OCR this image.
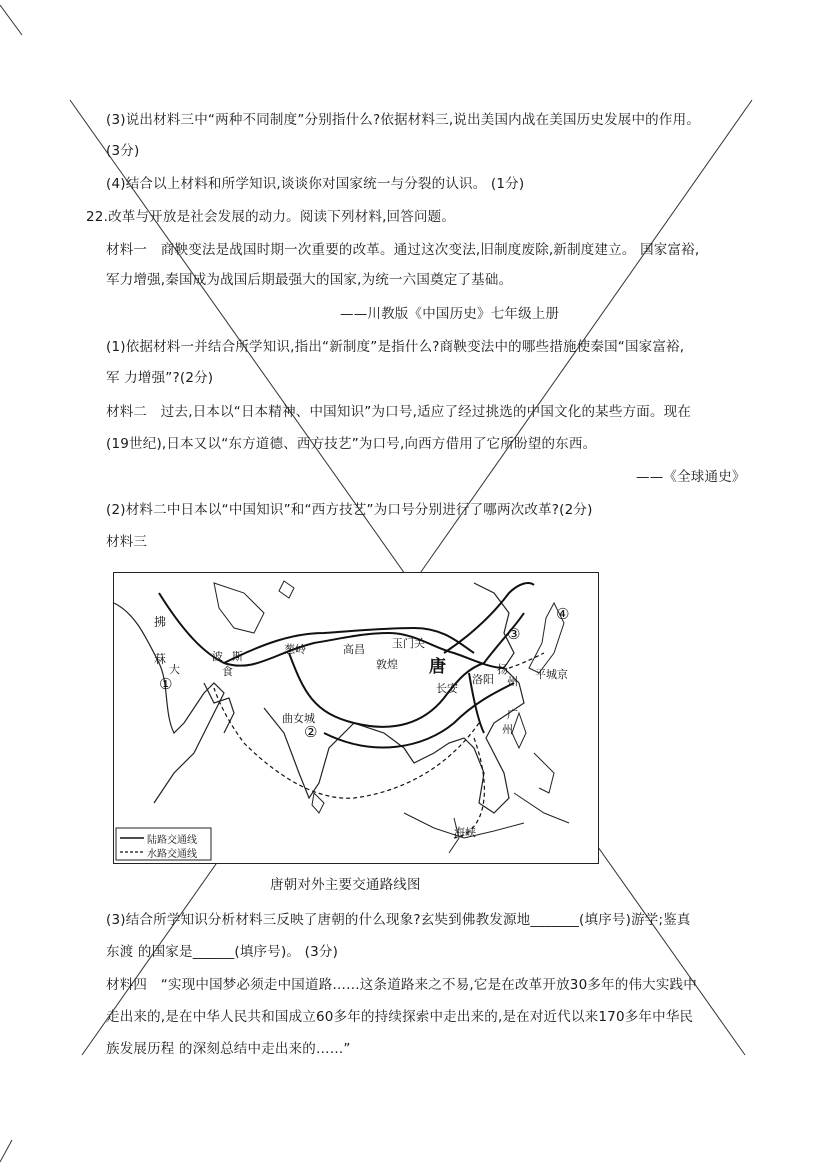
(3)说出材料三中“两种不同制度”分别指什么?依据材料三,说出美国内战在美国历史发展中的作用。
(3分)
(4)结合以上材料和所学知识,谈谈你对国家统一与分裂的认识。 (1分)
22.改革与开放是社会发展的动力。阅读下列材料,回答问题。
材料一　商鞅变法是战国时期一次重要的改革。通过这次变法,旧制度废除,新制度建立。 国家富裕,
军力增强,秦国成为战国后期最强大的国家,为统一六国奠定了基础。
——川教版《中国历史》七年级上册
(1)依据材料一并结合所学知识,指出“新制度”是指什么?商鞅变法中的哪些措施使秦国“国家富裕,
军 力增强”?(2分)
材料二　过去,日本以“日本精神、中国知识”为口号,适应了经过挑选的中国文化的某些方面。现在
(19世纪),日本又以“东方道德、西方技艺”为口号,向西方借用了它所盼望的东西。
——《全球通史》
(2)材料二中日本以“中国知识”和“西方技艺”为口号分别进行了哪两次改革?(2分)
材料三
拂
菻
大
波 斯
食
葱岭	高昌 玉门关
敦煌 唐
长安
洛阳
扬
州
平城京
曲女城	广
州
海峡
①
②
③
④
陆路交通线
水路交通线
唐朝对外主要交通路线图
(3)结合所学知识分析材料三反映了唐朝的什么现象?玄奘到佛教发源地_______(填序号)游学;鉴真
东渡 的国家是______(填序号)。 (3分)
材料四　“实现中国梦必须走中国道路……这条道路来之不易,它是在改革开放30多年的伟大实践中
走出来的,是在中华人民共和国成立60多年的持续探索中走出来的,是在对近代以来170多年中华民
族发展历程 的深刻总结中走出来的……”
